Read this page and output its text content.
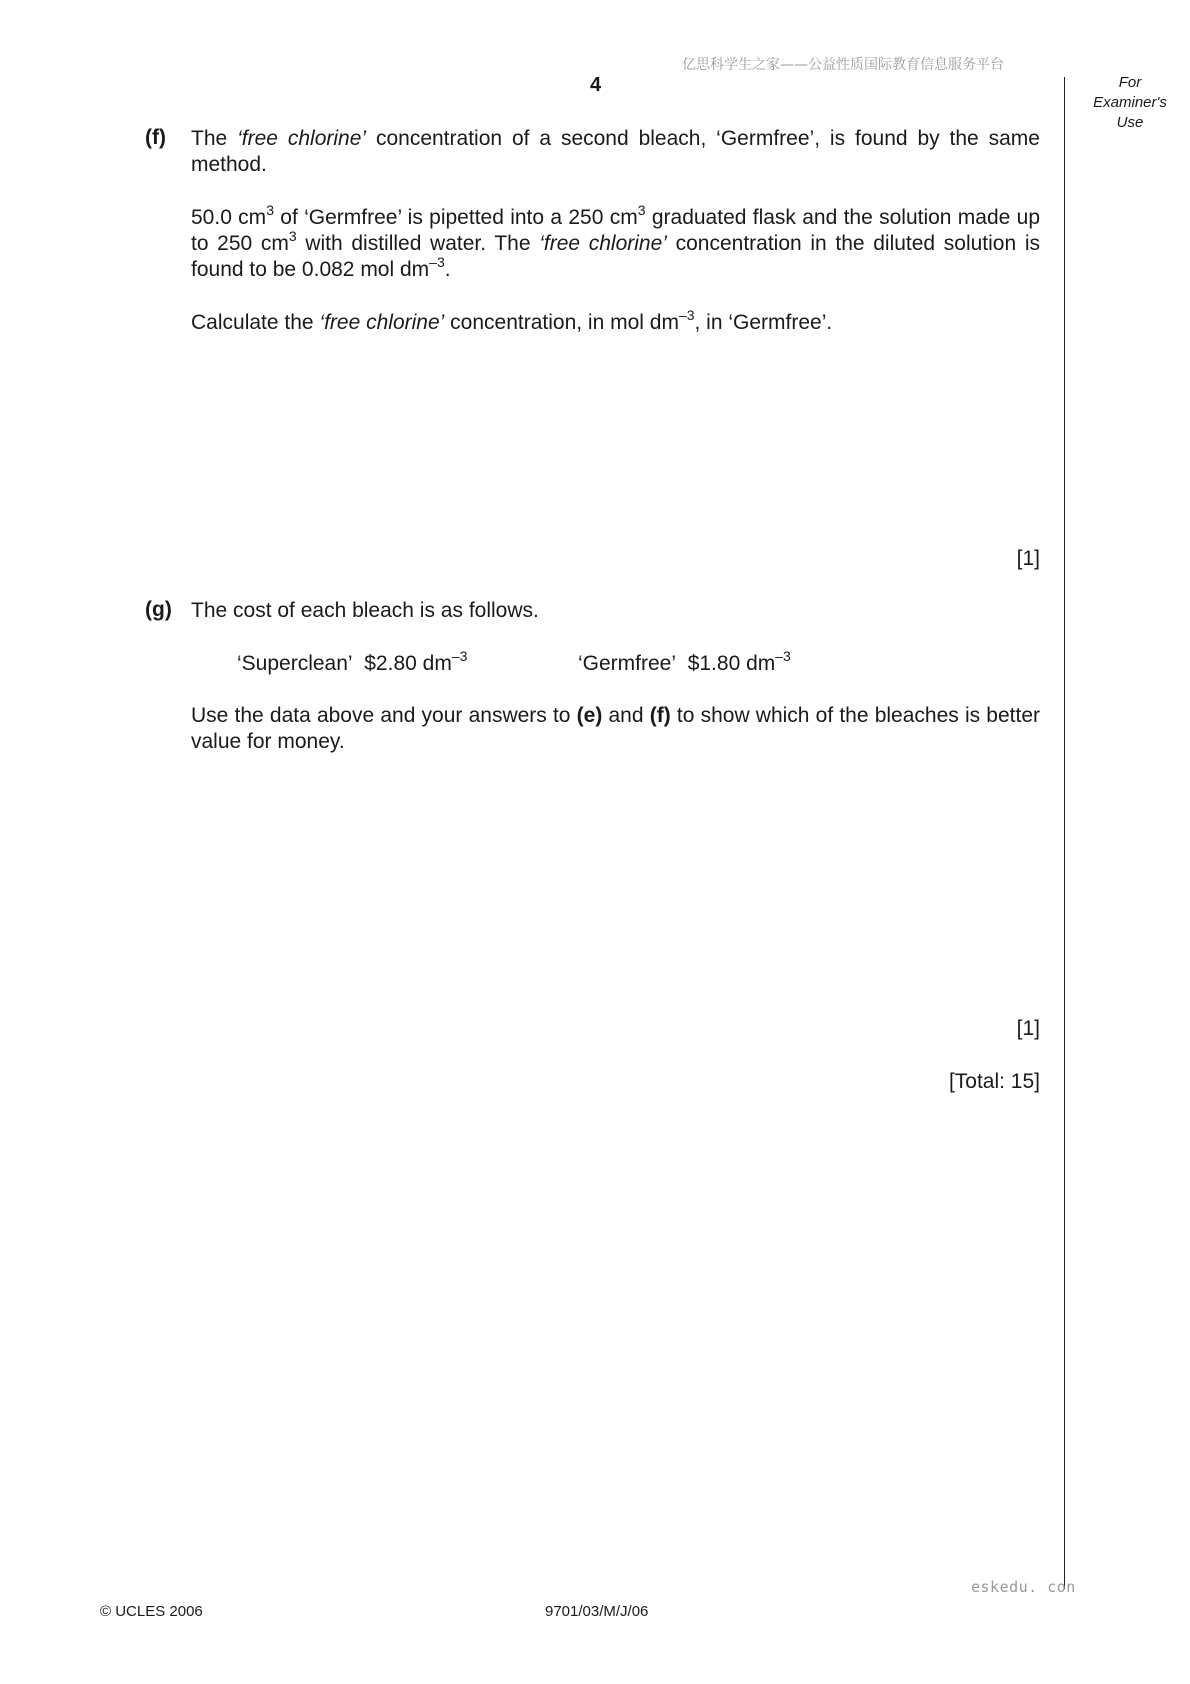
亿思科学生之家——公益性质国际教育信息服务平台
4	For
Examiner's
Use
(f) The ‘free chlorine’ concentration of a second bleach, ‘Germfree’, is found by the same method.

50.0 $cm^3$ of ‘Germfree’ is pipetted into a 250 $cm^3$ graduated flask and the solution made up to 250 $cm^3$ with distilled water. The ‘free chlorine’ concentration in the diluted solution is found to be 0.082 mol $dm^{-3}$.

Calculate the ‘free chlorine’ concentration, in mol $dm^{-3}$, in ‘Germfree’.
[1]
(g) The cost of each bleach is as follows.
‘Superclean’ $2.80 $dm^{-3}$	‘Germfree’ $1.80 $dm^{-3}$

Use the data above and your answers to (e) and (f) to show which of the bleaches is better value for money.

[1]
[Total: 15]
eskedu. con
© UCLES 2006	9701/03/M/J/06
